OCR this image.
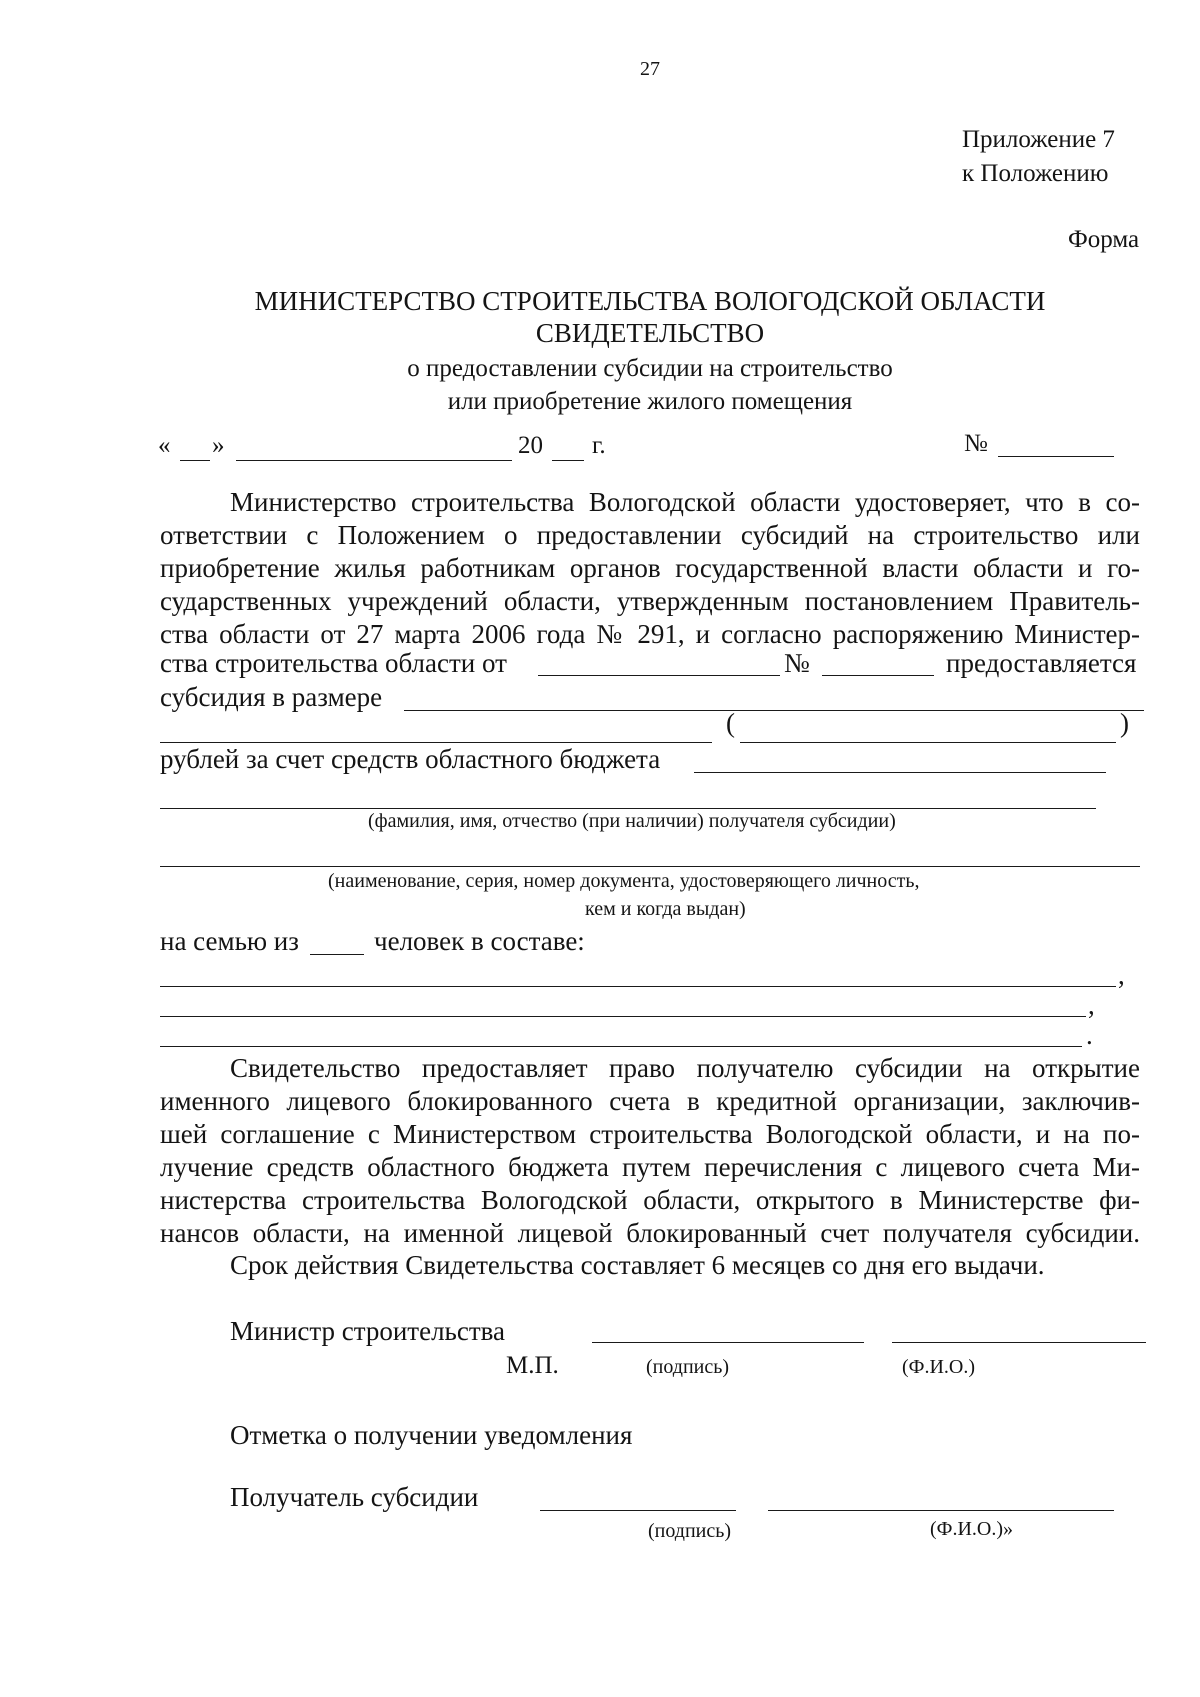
27
Приложение 7
к Положению
Форма
МИНИСТЕРСТВО СТРОИТЕЛЬСТВА ВОЛОГОДСКОЙ ОБЛАСТИ
СВИДЕТЕЛЬСТВО
о предоставлении субсидии на строительство
или приобретение жилого помещения
« »	20 г.	№
Министерство строительства Вологодской области удостоверяет, что в со-
ответствии с Положением о предоставлении субсидий на строительство или
приобретение жилья работникам органов государственной власти области и го-
сударственных учреждений области, утвержденным постановлением Правитель-
ства области от 27 марта 2006 года № 291, и согласно распоряжению Министер-
ства строительства области от	№	предоставляется
субсидия в размере
(	)
рублей за счет средств областного бюджета
(фамилия, имя, отчество (при наличии) получателя субсидии)
(наименование, серия, номер документа, удостоверяющего личность,
кем и когда выдан)
на семью из	человек в составе:
,
,
.
Свидетельство предоставляет право получателю субсидии на открытие
именного лицевого блокированного счета в кредитной организации, заключив-
шей соглашение с Министерством строительства Вологодской области, и на по-
лучение средств областного бюджета путем перечисления с лицевого счета Ми-
нистерства строительства Вологодской области, открытого в Министерстве фи-
нансов области, на именной лицевой блокированный счет получателя субсидии.
Срок действия Свидетельства составляет 6 месяцев со дня его выдачи.
Министр строительства
М.П.	(подпись)	(Ф.И.О.)
Отметка о получении уведомления
Получатель субсидии
(подпись)	(Ф.И.О.)»
